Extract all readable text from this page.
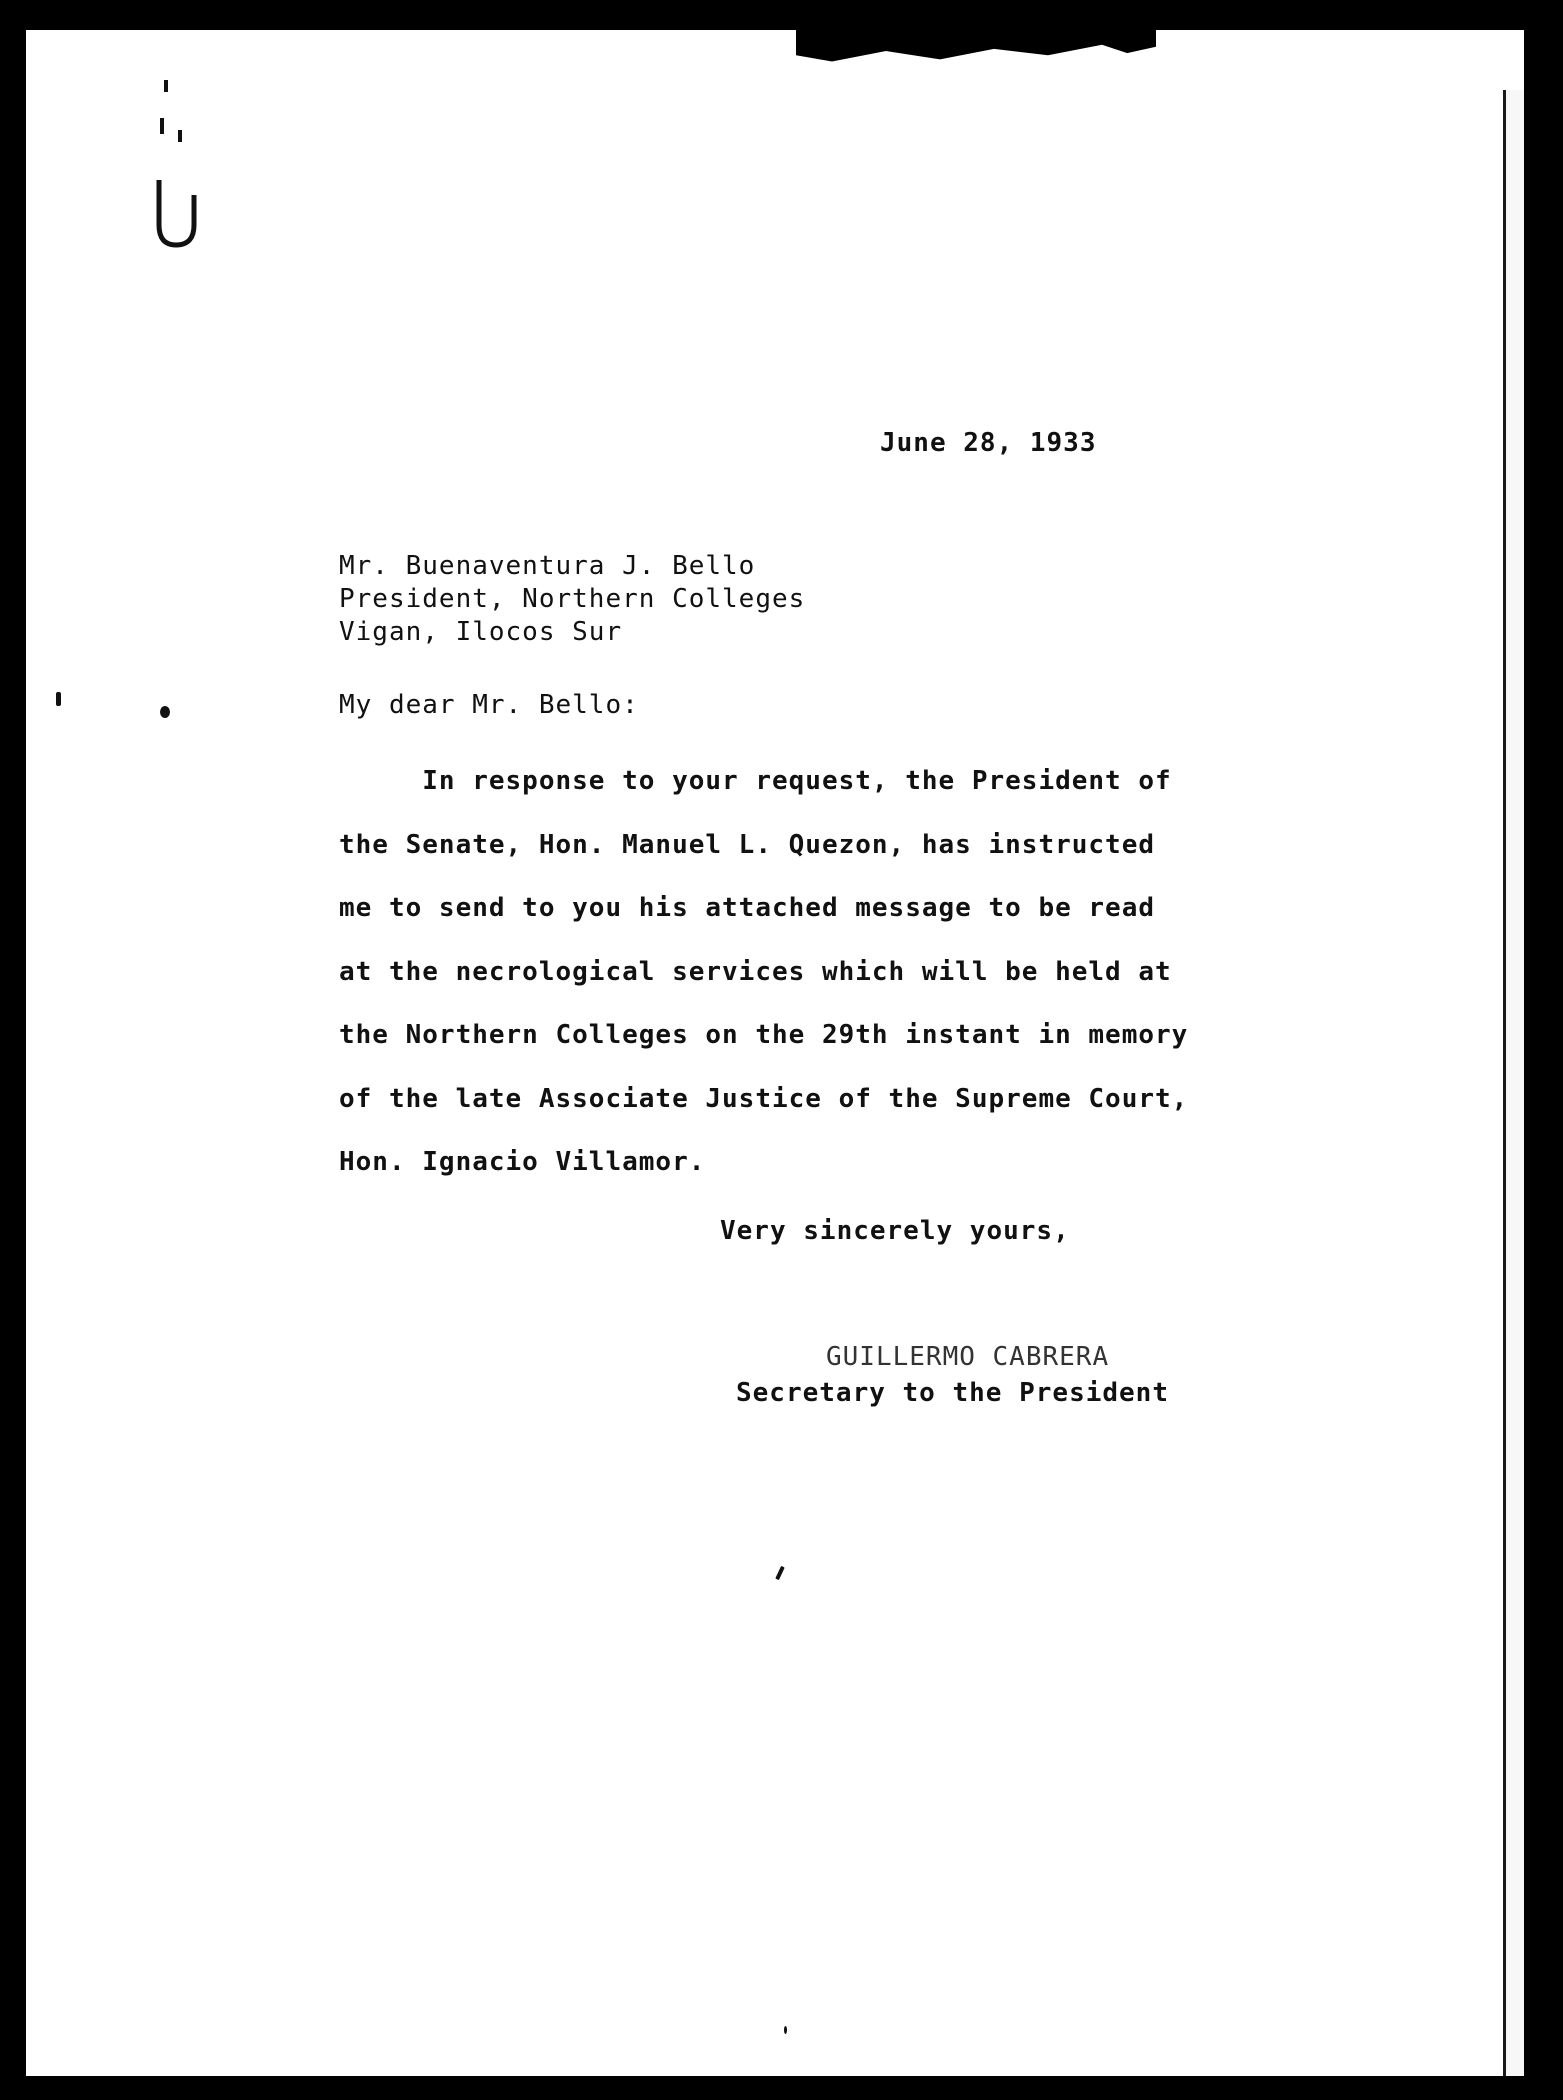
June 28, 1933
Mr. Buenaventura J. Bello
President, Northern Colleges
Vigan, Ilocos Sur
My dear Mr. Bello:
In response to your request, the President of
the Senate, Hon. Manuel L. Quezon, has instructed
me to send to you his attached message to be read
at the necrological services which will be held at
the Northern Colleges on the 29th instant in memory
of the late Associate Justice of the Supreme Court,
Hon. Ignacio Villamor.
Very sincerely yours,
GUILLERMO CABRERA
Secretary to the President
